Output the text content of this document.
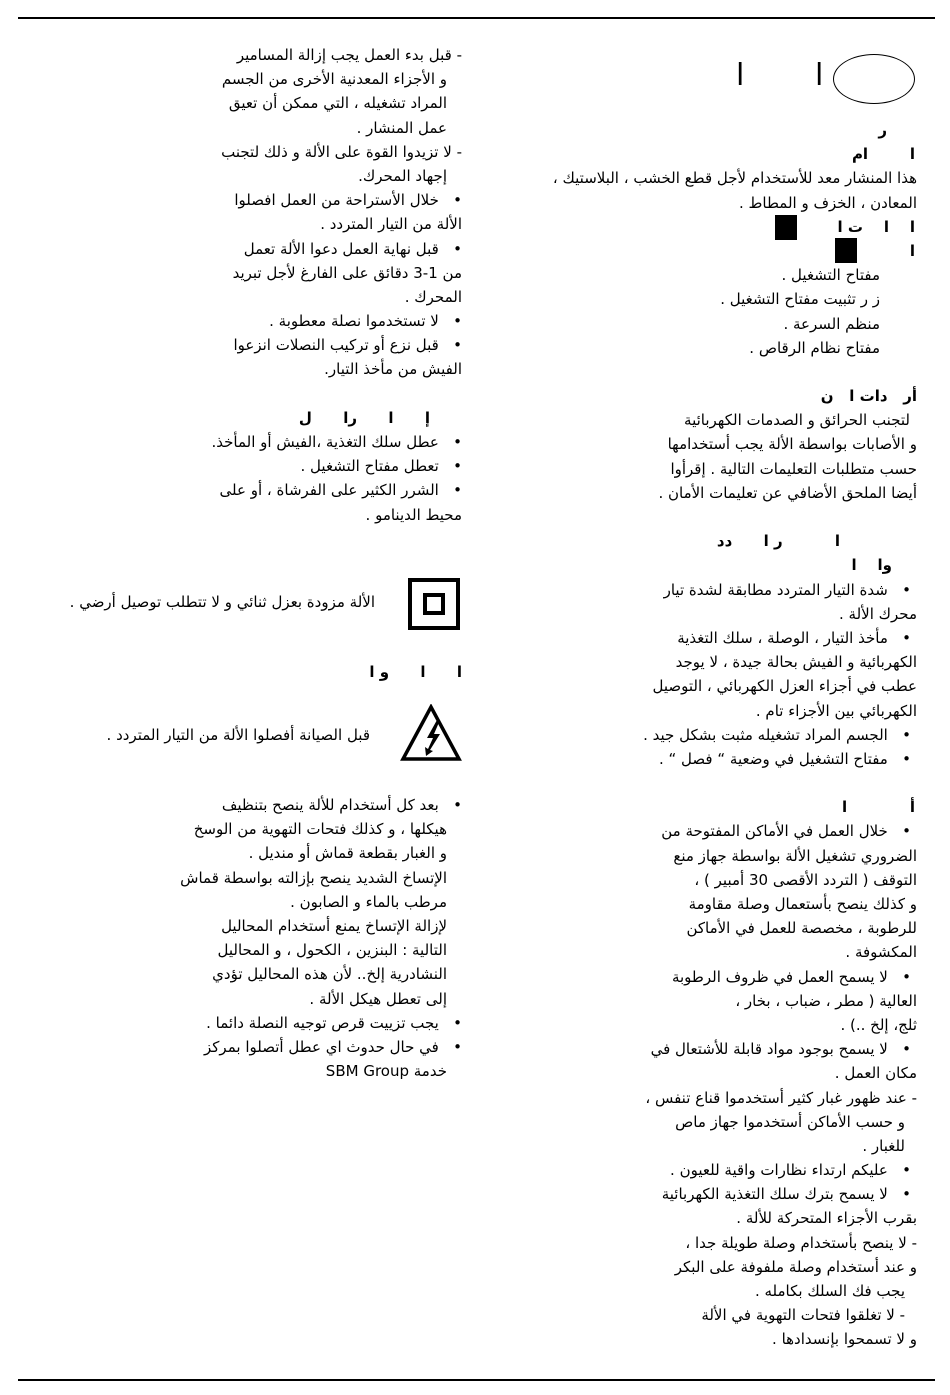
ا ا
ر
ا        ام
هذا المنشار معد للأستخدام لأجل قطع الخشب ، البلاستيك ،
المعادن ، الخزف و المطاط .
ا    ا    ت ا
ا
مفتاح التشغيل .
ز ر تثبيت مفتاح التشغيل .
منظم السرعة .
مفتاح نظام الرقاص .
أر   دات ا   ن
لتجنب الحرائق و الصدمات الكهربائية
و الأصابات بواسطة الألة يجب أستخدامها
حسب متطلبات التعليمات التالية . إقرأوا
أيضا الملحق الأضافي عن تعليمات الأمان .
ا          ر ا      دد
وا    ا
•   شدة التيار المتردد مطابقة لشدة تيار
محرك الألة .
•   مأخذ التيار ، الوصلة ، سلك التغذية
الكهربائية و الفيش بحالة جيدة ، لا يوجد
عطب في أجزاء العزل الكهربائي ، التوصيل
الكهربائي بين الأجزاء تام .
•   الجسم المراد تشغيله مثبت بشكل جيد .
•   مفتاح التشغيل في وضعية “ فصل “ .
أ            ا
•   خلال العمل في الأماكن المفتوحة من
الضروري تشغيل الألة بواسطة جهاز منع
التوقف ( التردد الأقصى 30 أمبير ) ،
و كذلك ينصح بأستعمال وصلة مقاومة
للرطوبة ، مخصصة للعمل في الأماكن
المكشوفة .
•   لا يسمح العمل في ظروف الرطوبة
العالية ( مطر ، ضباب ، بخار ،
ثلج، إلخ ..) .
•   لا يسمح بوجود مواد قابلة للأشتعال في
مكان العمل .
- عند ظهور غبار كثير أستخدموا قناع تنفس ،
و حسب الأماكن أستخدموا جهاز ماص
للغبار .
•   عليكم ارتداء نظارات واقية للعيون .
•   لا يسمح بترك سلك التغذية الكهربائية
بقرب الأجزاء المتحركة للألة .
- لا ينصح بأستخدام وصلة طويلة جدا ،
و عند أستخدام وصلة ملفوفة على البكر
يجب فك السلك بكامله .
- لا تغلقوا فتحات التهوية في الألة
و لا تسمحوا بإنسدادها .
- قبل بدء العمل يجب إزالة المسامير
و الأجزاء المعدنية الأخرى من الجسم
المراد تشغيله ، التي ممكن أن تعيق
عمل المنشار .
- لا تزيدوا القوة على الألة و ذلك لتجنب
إجهاد المحرك.
•   خلال الأستراحة من العمل افصلوا
الألة من التيار المتردد .
•   قبل نهاية العمل دعوا الألة تعمل
من 1-3 دقائق على الفارغ لأجل تبريد
المحرك .
•   لا تستخدموا نصلة معطوبة .
•   قبل نزع أو تركيب النصلات انزعوا
الفيش من مأخذ التيار.
إ      ا      را      ل
•   عطل سلك التغذية ،الفيش أو المأخذ.
•   تعطل مفتاح التشغيل .
•   الشرر الكثير على الفرشاة ، أو على
محيط الدينامو .
الألة مزودة بعزل ثنائي و لا تتطلب توصيل أرضي .
ا      ا      و ا
قبل الصيانة أفصلوا الألة من التيار المتردد .
•   بعد كل أستخدام للألة ينصح بتنظيف
هيكلها ، و كذلك فتحات التهوية من الوسخ
و الغبار بقطعة قماش أو منديل .
الإتساخ الشديد ينصح بإزالته بواسطة قماش
مرطب بالماء و الصابون .
لإزالة الإتساخ يمنع أستخدام المحاليل
التالية : البنزين ، الكحول ، و المحاليل
النشادرية إلخ.. لأن هذه المحاليل تؤدي
إلى تعطل هيكل الألة .
•   يجب تزييت قرص توجيه النصلة دائما .
•   في حال حدوث اي عطل أتصلوا بمركز
خدمة SBM Group
